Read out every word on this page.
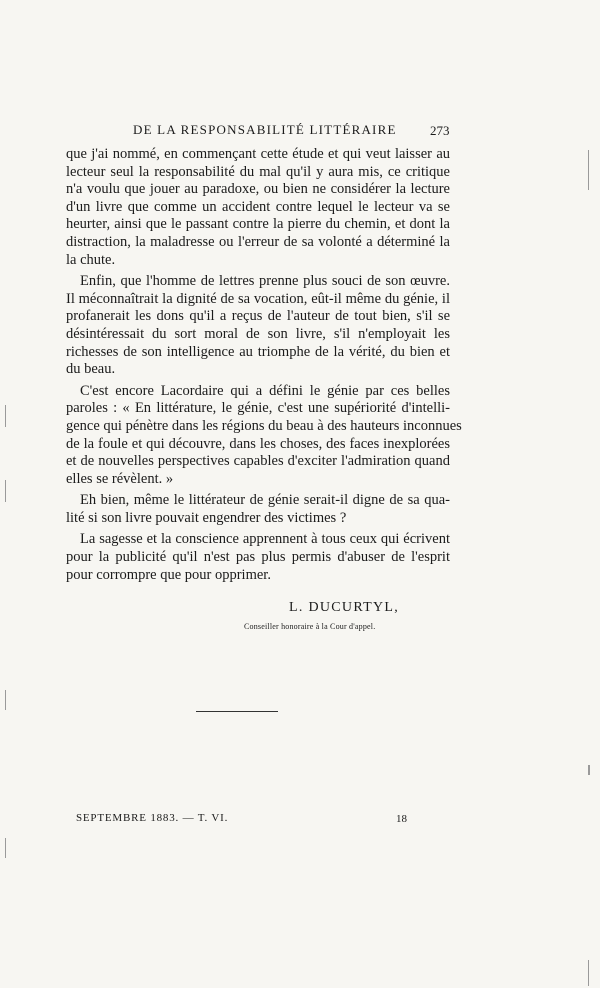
DE LA RESPONSABILITÉ LITTÉRAIRE	273
que j'ai nommé, en commençant cette étude et qui veut laisser au
lecteur seul la responsabilité du mal qu'il y aura mis, ce critique
n'a voulu que jouer au paradoxe, ou bien ne considérer la lecture
d'un livre que comme un accident contre lequel le lecteur va se
heurter, ainsi que le passant contre la pierre du chemin, et dont la
distraction, la maladresse ou l'erreur de sa volonté a déterminé la
la chute.
Enfin, que l'homme de lettres prenne plus souci de son œuvre.
Il méconnaîtrait la dignité de sa vocation, eût-il même du génie, il
profanerait les dons qu'il a reçus de l'auteur de tout bien, s'il se
désintéressait du sort moral de son livre, s'il n'employait les
richesses de son intelligence au triomphe de la vérité, du bien et
du beau.
C'est encore Lacordaire qui a défini le génie par ces belles
paroles : « En littérature, le génie, c'est une supériorité d'intelli-
gence qui pénètre dans les régions du beau à des hauteurs inconnues
de la foule et qui découvre, dans les choses, des faces inexplorées
et de nouvelles perspectives capables d'exciter l'admiration quand
elles se révèlent. »
Eh bien, même le littérateur de génie serait-il digne de sa qua-
lité si son livre pouvait engendrer des victimes ?
La sagesse et la conscience apprennent à tous ceux qui écrivent
pour la publicité qu'il n'est pas plus permis d'abuser de l'esprit
pour corrompre que pour opprimer.
L. DUCURTYL,
Conseiller honoraire à la Cour d'appel.
SEPTEMBRE 1883. — T. VI.	18
